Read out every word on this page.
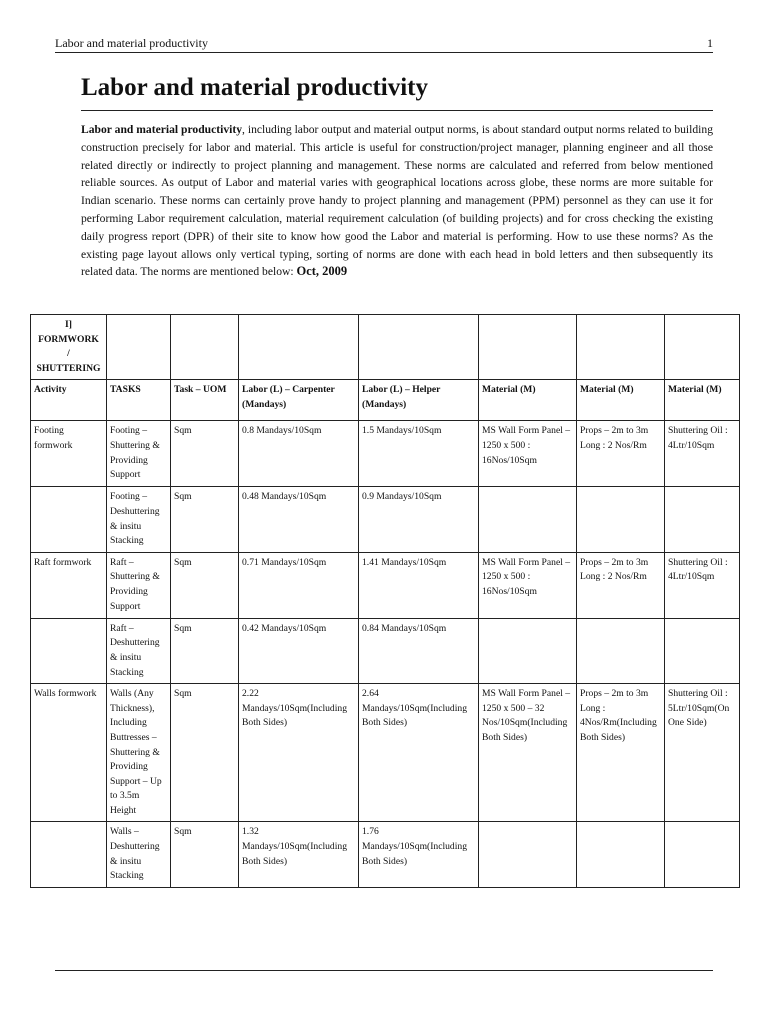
Labor and material productivity	1
Labor and material productivity

Labor and material productivity, including labor output and material output norms, is about standard output norms related to building construction precisely for labor and material. This article is useful for construction/project manager, planning engineer and all those related directly or indirectly to project planning and management. These norms are calculated and referred from below mentioned reliable sources. As output of Labor and material varies with geographical locations across globe, these norms are more suitable for Indian scenario. These norms can certainly prove handy to project planning and management (PPM) personnel as they can use it for performing Labor requirement calculation, material requirement calculation (of building projects) and for cross checking the existing daily progress report (DPR) of their site to know how good the Labor and material is performing. How to use these norms? As the existing page layout allows only vertical typing, sorting of norms are done with each head in bold letters and then subsequently its related data. The norms are mentioned below: Oct, 2009

I]
FORMWORK
/
SHUTTERING							
Activity	TASKS	Task – UOM	Labor (L) – Carpenter (Mandays)	Labor (L) – Helper (Mandays)	Material (M)	Material (M)	Material (M)
Footing formwork	Footing – Shuttering & Providing Support	Sqm	0.8 Mandays/10Sqm	1.5 Mandays/10Sqm	MS Wall Form Panel – 1250 x 500 : 16Nos/10Sqm	Props – 2m to 3m Long : 2 Nos/Rm	Shuttering Oil : 4Ltr/10Sqm
	Footing – Deshuttering & insitu Stacking	Sqm	0.48 Mandays/10Sqm	0.9 Mandays/10Sqm			
Raft formwork	Raft – Shuttering & Providing Support	Sqm	0.71 Mandays/10Sqm	1.41 Mandays/10Sqm	MS Wall Form Panel – 1250 x 500 : 16Nos/10Sqm	Props – 2m to 3m Long : 2 Nos/Rm	Shuttering Oil : 4Ltr/10Sqm
	Raft – Deshuttering & insitu Stacking	Sqm	0.42 Mandays/10Sqm	0.84 Mandays/10Sqm			
Walls formwork	Walls (Any Thickness), Including Buttresses – Shuttering & Providing Support – Up to 3.5m Height	Sqm	2.22 Mandays/10Sqm(Including Both Sides)	2.64 Mandays/10Sqm(Including Both Sides)	MS Wall Form Panel – 1250 x 500 – 32 Nos/10Sqm(Including Both Sides)	Props – 2m to 3m Long : 4Nos/Rm(Including Both Sides)	Shuttering Oil : 5Ltr/10Sqm(On One Side)
	Walls – Deshuttering & insitu Stacking	Sqm	1.32 Mandays/10Sqm(Including Both Sides)	1.76 Mandays/10Sqm(Including Both Sides)			
